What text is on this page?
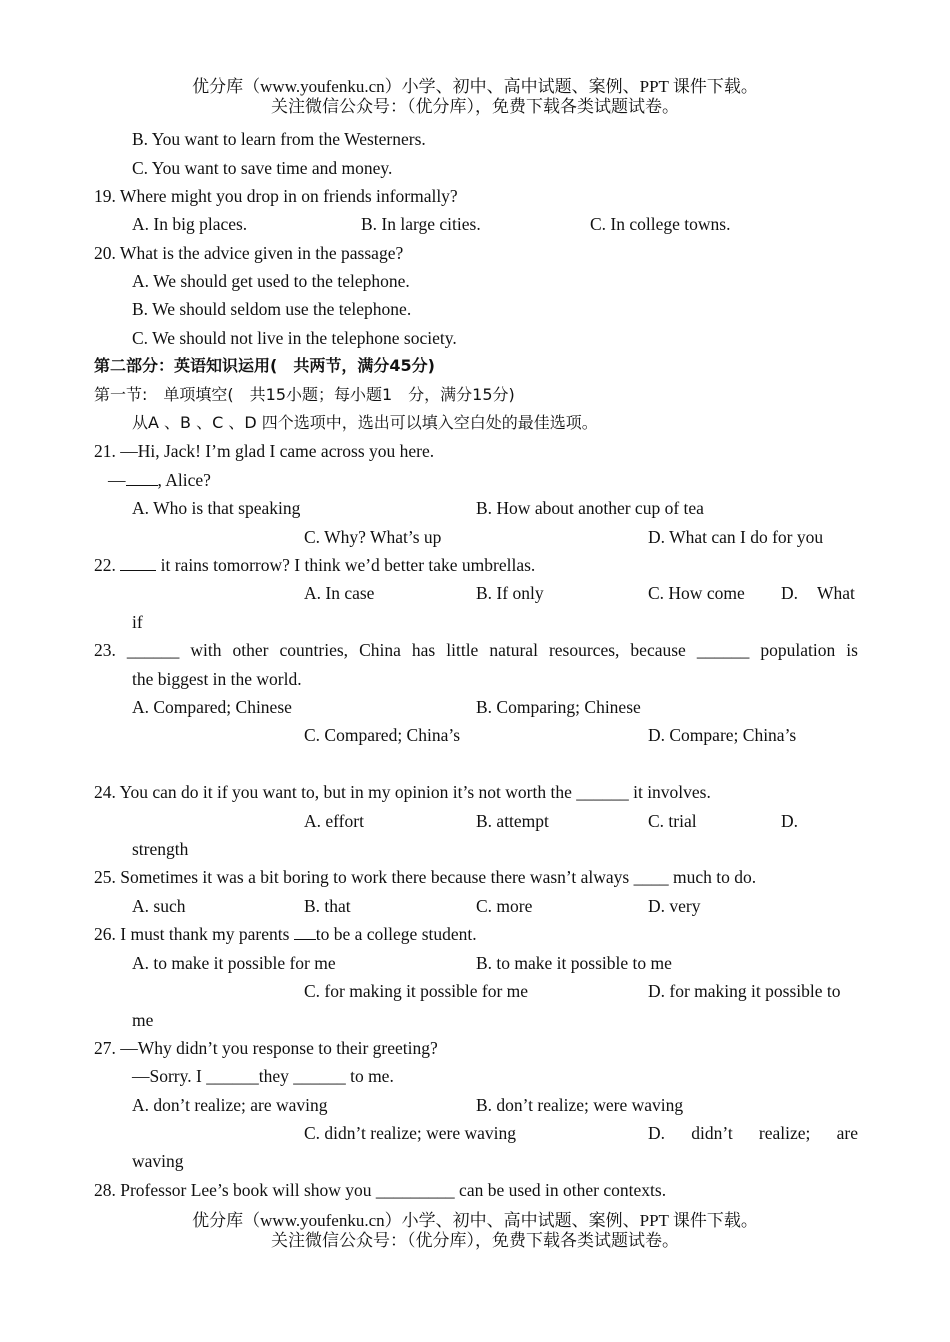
优分库（www.youfenku.cn）小学、初中、高中试题、案例、PPT 课件下载。
关注微信公众号：（优分库），免费下载各类试题试卷。
B. You want to learn from the Westerners.
C. You want to save time and money.
19. Where might you drop in on friends informally?
A. In big places.	B. In large cities.	C. In college towns.
20. What is the advice given in the passage?
A. We should get used to the telephone.
B. We should seldom use the telephone.
C. We should not live in the telephone society.
第二部分：英语知识运用(　共两节，满分45分)
第一节:　单项填空(　共15小题；每小题1　分，满分15分)
从A 、B 、C 、D 四个选项中，选出可以填入空白处的最佳选项。
21. —Hi, Jack! I’m glad I came across you here.
— , Alice?
A. Who is that speaking	B. How about another cup of tea
C. Why? What’s up	D. What can I do for you
22.  it rains tomorrow? I think we’d better take umbrellas.
A. In case	B. If only	C. How come D. What
if
23. ______ with other countries, China has little natural resources, because ______ population is
the biggest in the world.
A. Compared; Chinese	B. Comparing; Chinese
C. Compared; China’s	D. Compare; China’s
24. You can do it if you want to, but in my opinion it’s not worth the ______ it involves.
A. effort	B. attempt	C. trial	D.
strength
25. Sometimes it was a bit boring to work there because there wasn’t always ____ much to do.
A. such	B. that	C. more	D. very
26. I must thank my parents to be a college student.
A. to make it possible for me	B. to make it possible to me
C. for making it possible for me	D. for making it possible to
me
27. —Why didn’t you response to their greeting?
—Sorry. I ______they ______ to me.
A. don’t realize; are waving	B. don’t realize; were waving
C. didn’t realize; were waving	D. didn’t realize; are
waving
28. Professor Lee’s book will show you _________ can be used in other contexts.
优分库（www.youfenku.cn）小学、初中、高中试题、案例、PPT 课件下载。
关注微信公众号：（优分库），免费下载各类试题试卷。
